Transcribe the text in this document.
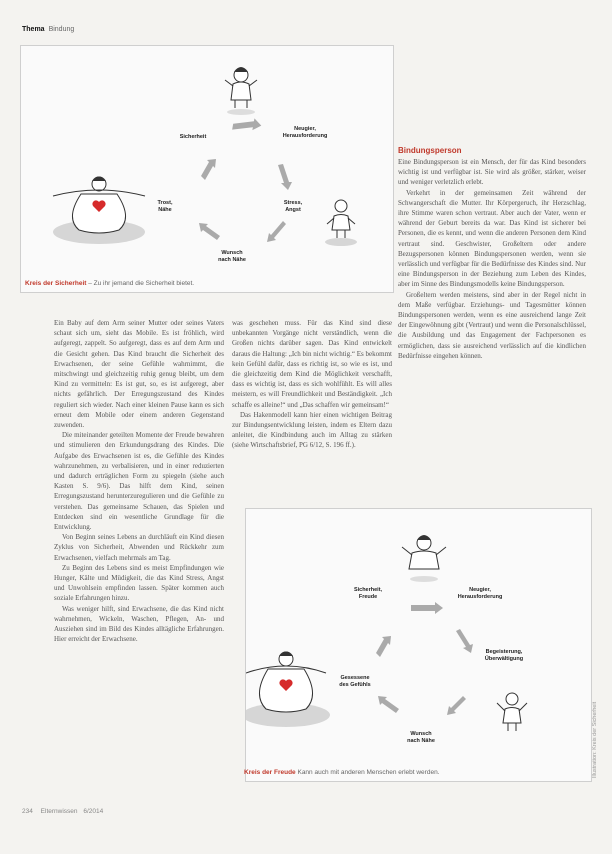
Thema Bindung
Neugier,
Herausforderung
Sicherheit
Trost,
Nähe
Stress,
Angst
Wunsch
nach Nähe
Kreis der Sicherheit – Zu ihr jemand die Sicherheit bietet.

Ein Baby auf dem Arm seiner Mutter oder seines Vaters schaut sich um, sieht das Mobile. Es ist fröhlich, wird aufgeregt, zappelt. So aufgeregt, dass es auf dem Arm und die Gesicht gehen. Das Kind braucht die Sicherheit des Erwachsenen, der seine Gefühle wahrnimmt, die mitschwingt und gleichzeitig ruhig genug bleibt, um dem Kind zu vermitteln: Es ist gut, so, es ist aufgeregt, aber nichts gefährlich. Der Erregungszustand des Kindes reguliert sich wieder. Nach einer kleinen Pause kann es sich erneut dem Mobile oder einem anderen Gegenstand zuwenden.

Die miteinander geteilten Momente der Freude bewahren und stimulieren den Erkundungsdrang des Kindes. Die Aufgabe des Erwachsenen ist es, die Gefühle des Kindes wahrzunehmen, zu verbalisieren, und in einer reduzierten und dadurch erträglichen Form zu spiegeln (siehe auch Kasten S. 9/6). Das hilft dem Kind, seinen Erregungszustand herunterzuregulieren und die Gefühle zu verstehen. Das gemeinsame Schauen, das Spielen und Entdecken sind ein wesentliche Grundlage für die Entwicklung.

Von Beginn seines Lebens an durchläuft ein Kind diesen Zyklus von Sicherheit, Abwenden und Rückkehr zum Erwachsenen, vielfach mehrmals am Tag.

Zu Beginn des Lebens sind es meist Empfindungen wie Hunger, Kälte und Müdigkeit, die das Kind Stress, Angst und Unwohlsein empfinden lassen. Später kommen auch soziale Erfahrungen hinzu.

Was weniger hilft, sind Erwachsene, die das Kind nicht wahrnehmen, Wickeln, Waschen, Pflegen, An- und Ausziehen sind im Bild des Kindes alltägliche Erfahrungen. Hier erreicht der Erwachsene.

was geschehen muss. Für das Kind sind diese unbekannten Vorgänge nicht verständlich, wenn die Großen nichts darüber sagen. Das Kind entwickelt daraus die Haltung: „Ich bin nicht wichtig.“ Es bekommt kein Gefühl dafür, dass es richtig ist, so wie es ist, und die gleichzeitig dem Kind die Möglichkeit verschafft, dass es wichtig ist, dass es sich wohlfühlt. Es will alles meistern, es will Freundlichkeit und Beständigkeit. „Ich schaffe es alleine!“ und „Das schaffen wir gemeinsam!“

Das Hakenmodell kann hier einen wichtigen Beitrag zur Bindungsentwicklung leisten, indem es Eltern dazu anleitet, die Kindbindung auch im Alltag zu stärken (siehe Wirtschaftsbrief, PG 6/12, S. 196 ff.).

Bindungsperson

Eine Bindungsperson ist ein Mensch, der für das Kind besonders wichtig ist und verfügbar ist. Sie wird als größer, stärker, weiser und weniger verletzlich erlebt.

Verkehrt in der gemeinsamen Zeit während der Schwangerschaft die Mutter. Ihr Körpergeruch, ihr Herzschlag, ihre Stimme waren schon vertraut. Aber auch der Vater, wenn er während der Geburt bereits da war. Das Kind ist sicherer bei Personen, die es kennt, und wenn die anderen Personen dem Kind vertraut sind. Geschwister, Großeltern oder andere Bezugspersonen können Bindungspersonen werden, wenn sie verlässlich und verfügbar für die Bedürfnisse des Kindes sind. Nur eine Bindungsperson in der Beziehung zum Leben des Kindes, aber im Sinne des Bindungsmodells keine Bindungsperson.

Großeltern werden meistens, sind aber in der Regel nicht in dem Maße verfügbar. Erziehungs- und Tagesmütter können Bindungspersonen werden, wenn es eine ausreichend lange Zeit der Eingewöhnung gibt (Vertraut) und wenn die Personalschlüssel, die Ausbildung und das Engagement der Fachpersonen es ermöglichen, dass sie ausreichend verlässlich auf die kindlichen Bedürfnisse eingehen können.

Sicherheit,
Freude
Neugier,
Herausforderung
Gesessene
des Gefühls
Begeisterung,
Überwältigung
Wunsch
nach Nähe
Kreis der Freude Kann auch mit anderen Menschen erlebt werden.	Illustration: Kreis der Sicherheit
234 Elternwissen 6/2014
